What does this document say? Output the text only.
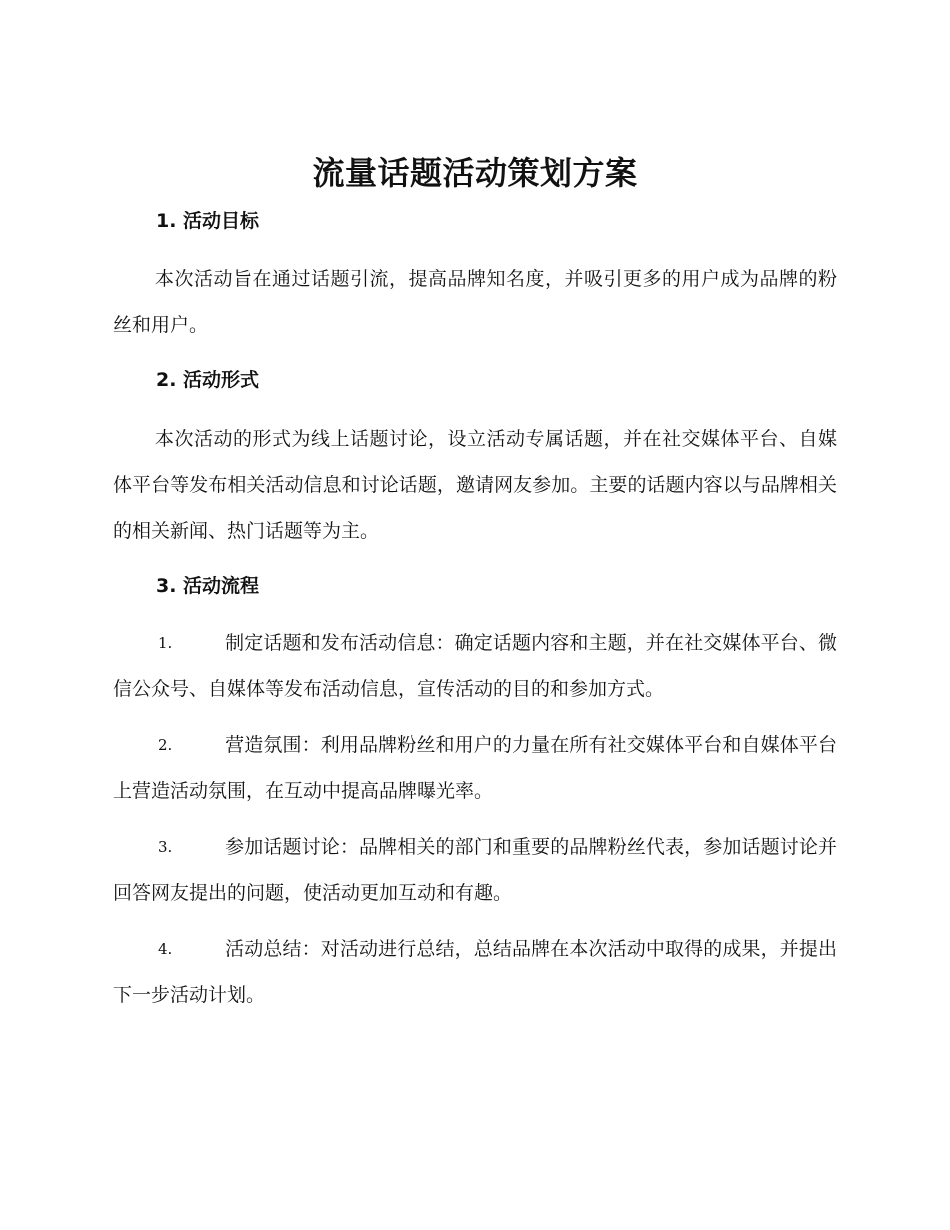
流量话题活动策划方案
1. 活动目标

本次活动旨在通过话题引流，提高品牌知名度，并吸引更多的用户成为品牌的粉丝和用户。

2. 活动形式

本次活动的形式为线上话题讨论，设立活动专属话题，并在社交媒体平台、自媒体平台等发布相关活动信息和讨论话题，邀请网友参加。主要的话题内容以与品牌相关的相关新闻、热门话题等为主。

3. 活动流程

1.	制定话题和发布活动信息：确定话题内容和主题，并在社交媒体平台、微信公众号、自媒体等发布活动信息，宣传活动的目的和参加方式。

2.	营造氛围：利用品牌粉丝和用户的力量在所有社交媒体平台和自媒体平台上营造活动氛围，在互动中提高品牌曝光率。

3.	参加话题讨论：品牌相关的部门和重要的品牌粉丝代表，参加话题讨论并回答网友提出的问题，使活动更加互动和有趣。

4.	活动总结：对活动进行总结，总结品牌在本次活动中取得的成果，并提出下一步活动计划。
